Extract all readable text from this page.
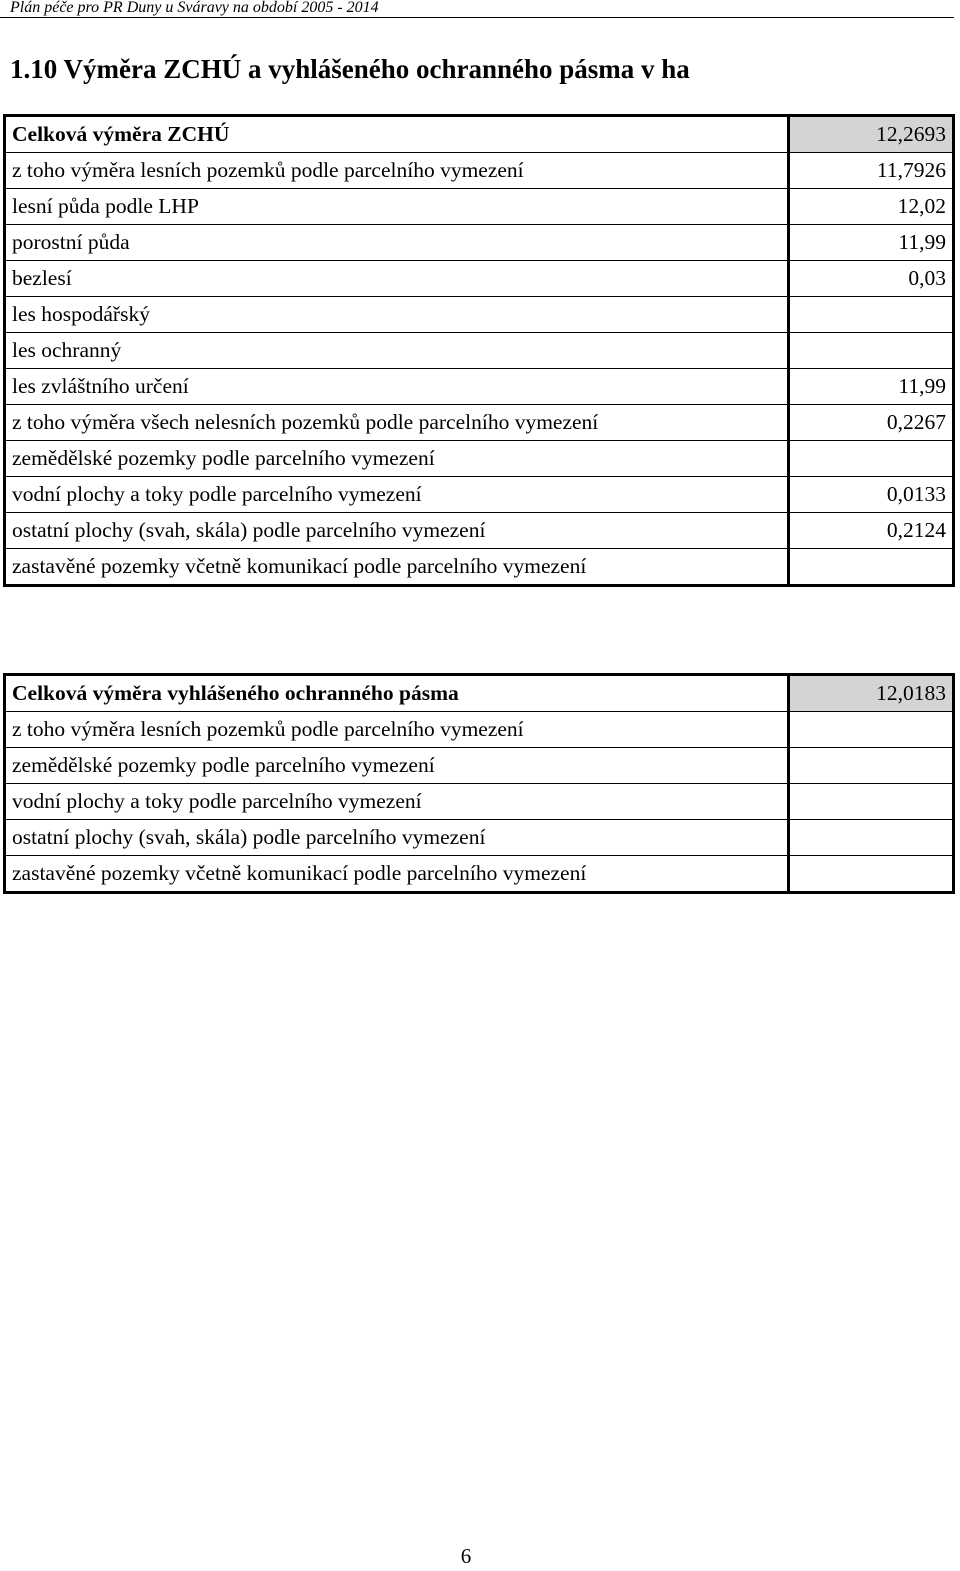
Plán péče pro PR Duny u Sváravy na období 2005 - 2014
1.10 Výměra ZCHÚ a vyhlášeného ochranného pásma v ha
Celková výměra ZCHÚ	12,2693
z toho výměra lesních pozemků podle parcelního vymezení	11,7926
lesní půda podle LHP	12,02
porostní půda	11,99
bezlesí	0,03
les hospodářský	
les ochranný	
les zvláštního určení	11,99
z toho výměra všech nelesních pozemků podle parcelního vymezení	0,2267
zemědělské pozemky podle parcelního vymezení	
vodní plochy a toky podle parcelního vymezení	0,0133
ostatní plochy (svah, skála) podle parcelního vymezení	0,2124
zastavěné pozemky včetně komunikací podle parcelního vymezení	
Celková výměra vyhlášeného ochranného pásma	12,0183
z toho výměra lesních pozemků podle parcelního vymezení	
zemědělské pozemky podle parcelního vymezení	
vodní plochy a toky podle parcelního vymezení	
ostatní plochy (svah, skála) podle parcelního vymezení	
zastavěné pozemky včetně komunikací podle parcelního vymezení	
6
